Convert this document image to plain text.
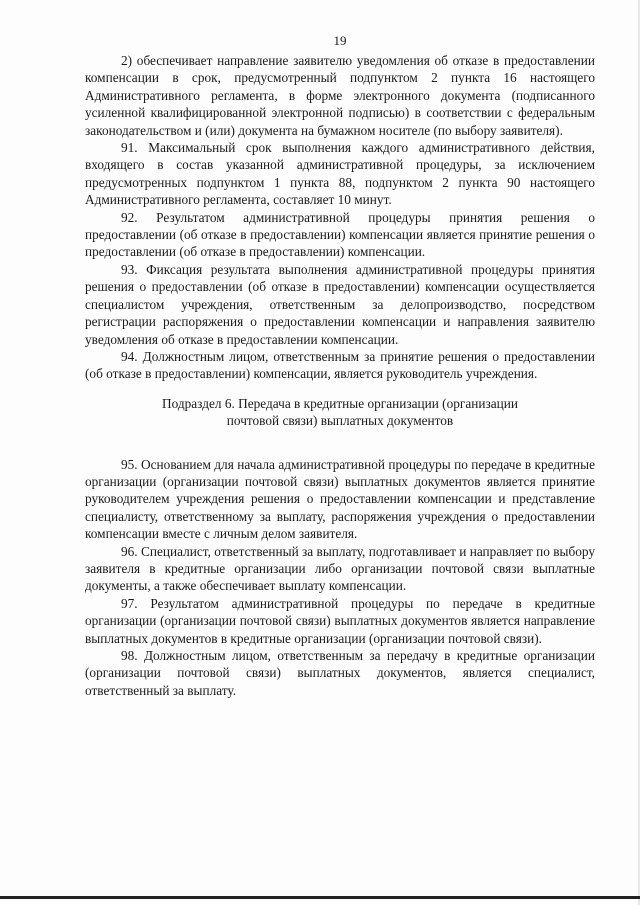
19

2) обеспечивает направление заявителю уведомления об отказе в предоставлении компенсации в срок, предусмотренный подпунктом 2 пункта 16 настоящего Административного регламента, в форме электронного документа (подписанного усиленной квалифицированной электронной подписью) в соответствии с федеральным законодательством и (или) документа на бумажном носителе (по выбору заявителя).

91. Максимальный срок выполнения каждого административного действия, входящего в состав указанной административной процедуры, за исключением предусмотренных подпунктом 1 пункта 88, подпунктом 2 пункта 90 настоящего Административного регламента, составляет 10 минут.

92. Результатом административной процедуры принятия решения о предоставлении (об отказе в предоставлении) компенсации является принятие решения о предоставлении (об отказе в предоставлении) компенсации.

93. Фиксация результата выполнения административной процедуры принятия решения о предоставлении (об отказе в предоставлении) компенсации осуществляется специалистом учреждения, ответственным за делопроизводство, посредством регистрации распоряжения о предоставлении компенсации и направления заявителю уведомления об отказе в предоставлении компенсации.

94. Должностным лицом, ответственным за принятие решения о предоставлении (об отказе в предоставлении) компенсации, является руководитель учреждения.

Подраздел 6. Передача в кредитные организации (организации
почтовой связи) выплатных документов

95. Основанием для начала административной процедуры по передаче в кредитные организации (организации почтовой связи) выплатных документов является принятие руководителем учреждения решения о предоставлении компенсации и представление специалисту, ответственному за выплату, распоряжения учреждения о предоставлении компенсации вместе с личным делом заявителя.

96. Специалист, ответственный за выплату, подготавливает и направляет по выбору заявителя в кредитные организации либо организации почтовой связи выплатные документы, а также обеспечивает выплату компенсации.

97. Результатом административной процедуры по передаче в кредитные организации (организации почтовой связи) выплатных документов является направление выплатных документов в кредитные организации (организации почтовой связи).

98. Должностным лицом, ответственным за передачу в кредитные организации (организации почтовой связи) выплатных документов, является специалист, ответственный за выплату.
